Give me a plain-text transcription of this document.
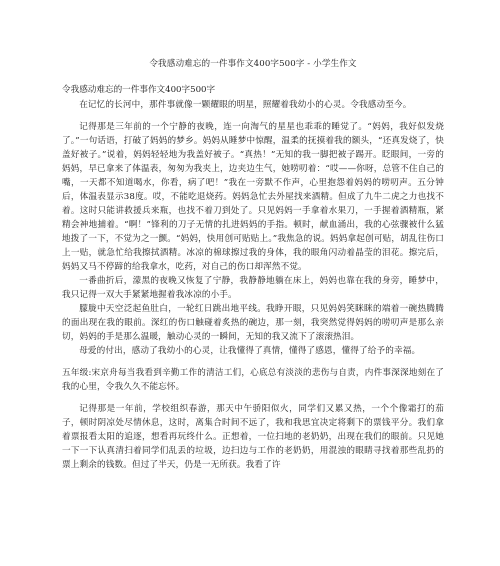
令我感动难忘的一件事作文400字500字 - 小学生作文
令我感动难忘的一件事作文400字500字

在记忆的长河中，那件事就像一颗耀眼的明星，照耀着我幼小的心灵。令我感动至今。

记得那是三年前的一个宁静的夜晚，连一向淘气的星星也乖乖的睡觉了。“妈妈，我好似发烧了。”一句话语，打破了妈妈的梦乡。妈妈从睡梦中惊醒，温柔的抚摸着我的额头，“还真发烧了，快盖好被子。”说着，妈妈轻轻地为我盖好被子。“真热！”无知的我一脚把被子踢开。眨眼间，一旁的妈妈，早已拿来了体温表，匆匆为我夹上，边夹边生气，她唠叨着：“哎——你呀，总管不住自己的嘴，一天都不知道喝水，你看，病了吧！”我在一旁默不作声，心里抱怨着妈妈的唠叨声。五分钟后，体温表显示38度。哎，不能吃退烧药。妈妈急忙去外屋找来酒精。但成了九牛二虎之力也找不着。这时只能讲救援兵来瓶，也找不着刀到处了。只见妈妈一手拿着水果刀，一手握着酒精瓶，紧精会神地捕着。“啊！”锋利的刀子无情的扎进妈妈的手指。顿时，献血涌出，我的心弦骤被什么猛地拨了一下，不觉为之一颤。“妈妈，快用创可贴贴上。”我焦急的说。妈妈拿起创可贴，胡乱往伤口上一贴，就急忙给我擦拭酒精。冰凉的棉球擦过我的身体，我的眼角闪动着晶莹的泪花。擦完后，妈妈又马不停蹄的给我拿水，吃药，对自己的伤口却浑然不觉。

一番曲折后，濛黑的夜晚又恢复了宁静，我静静地躺在床上，妈妈也靠在我的身旁，睡梦中，我只记得一双大手紧紧地握着我冰凉的小手。

朦胧中天空泛起鱼肚白，一轮红日跳出地平线。我睁开眼，只见妈妈笑眯眯的端着一碗热腾腾的面出现在我的眼前。深红的伤口触碰着炙热的碗边，那一刻，我突然觉得妈妈的唠叨声是那么亲切，妈妈的手是那么温暖，触动心灵的一瞬间，无知的我又流下了滚滚热泪。

母爱的付出，感动了我幼小的心灵，让我懂得了真情，懂得了感恩，懂得了给予的幸福。

五年级:宋京舟每当我看到辛勤工作的清洁工们，心底总有淡淡的悲伤与自责，内件事深深地刻在了我的心里，令我久久不能忘怀。

记得那是一年前，学校组织春游，那天中午骄阳似火，同学们又累又热，一个个像霜打的茄子，顿时阴凉处尽情休息，这时，离集合时间不远了，我和我思宜决定将剩下的票钱平分。我们拿着票报看太阳的追逐，想看再玩终什么。正想着，一位扫地的老奶奶，出现在我们的眼前。只见她一下一下认真清扫着同学们乱丢的垃圾，边扫边与工作的老奶奶，用混浊的眼睛寻找着那些乱扔的票上剩余的钱数。但过了半天，仍是一无所获。我看了许
